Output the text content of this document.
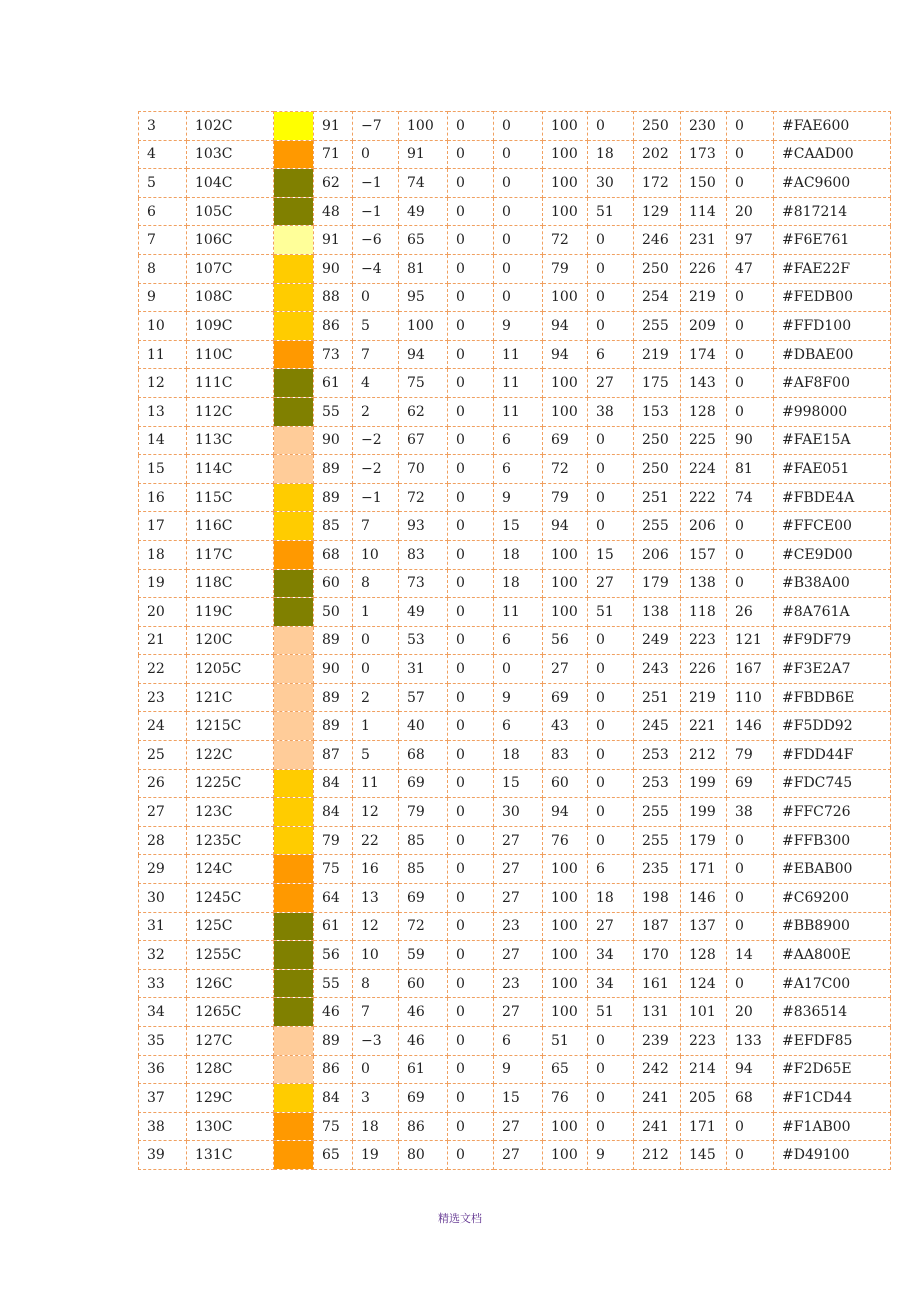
3	102C		91	−7	100	0	0	100	0	250	230	0	#FAE600
4	103C		71	0	91	0	0	100	18	202	173	0	#CAAD00
5	104C		62	−1	74	0	0	100	30	172	150	0	#AC9600
6	105C		48	−1	49	0	0	100	51	129	114	20	#817214
7	106C		91	−6	65	0	0	72	0	246	231	97	#F6E761
8	107C		90	−4	81	0	0	79	0	250	226	47	#FAE22F
9	108C		88	0	95	0	0	100	0	254	219	0	#FEDB00
10	109C		86	5	100	0	9	94	0	255	209	0	#FFD100
11	110C		73	7	94	0	11	94	6	219	174	0	#DBAE00
12	111C		61	4	75	0	11	100	27	175	143	0	#AF8F00
13	112C		55	2	62	0	11	100	38	153	128	0	#998000
14	113C		90	−2	67	0	6	69	0	250	225	90	#FAE15A
15	114C		89	−2	70	0	6	72	0	250	224	81	#FAE051
16	115C		89	−1	72	0	9	79	0	251	222	74	#FBDE4A
17	116C		85	7	93	0	15	94	0	255	206	0	#FFCE00
18	117C		68	10	83	0	18	100	15	206	157	0	#CE9D00
19	118C		60	8	73	0	18	100	27	179	138	0	#B38A00
20	119C		50	1	49	0	11	100	51	138	118	26	#8A761A
21	120C		89	0	53	0	6	56	0	249	223	121	#F9DF79
22	1205C		90	0	31	0	0	27	0	243	226	167	#F3E2A7
23	121C		89	2	57	0	9	69	0	251	219	110	#FBDB6E
24	1215C		89	1	40	0	6	43	0	245	221	146	#F5DD92
25	122C		87	5	68	0	18	83	0	253	212	79	#FDD44F
26	1225C		84	11	69	0	15	60	0	253	199	69	#FDC745
27	123C		84	12	79	0	30	94	0	255	199	38	#FFC726
28	1235C		79	22	85	0	27	76	0	255	179	0	#FFB300
29	124C		75	16	85	0	27	100	6	235	171	0	#EBAB00
30	1245C		64	13	69	0	27	100	18	198	146	0	#C69200
31	125C		61	12	72	0	23	100	27	187	137	0	#BB8900
32	1255C		56	10	59	0	27	100	34	170	128	14	#AA800E
33	126C		55	8	60	0	23	100	34	161	124	0	#A17C00
34	1265C		46	7	46	0	27	100	51	131	101	20	#836514
35	127C		89	−3	46	0	6	51	0	239	223	133	#EFDF85
36	128C		86	0	61	0	9	65	0	242	214	94	#F2D65E
37	129C		84	3	69	0	15	76	0	241	205	68	#F1CD44
38	130C		75	18	86	0	27	100	0	241	171	0	#F1AB00
39	131C		65	19	80	0	27	100	9	212	145	0	#D49100
精选文档
